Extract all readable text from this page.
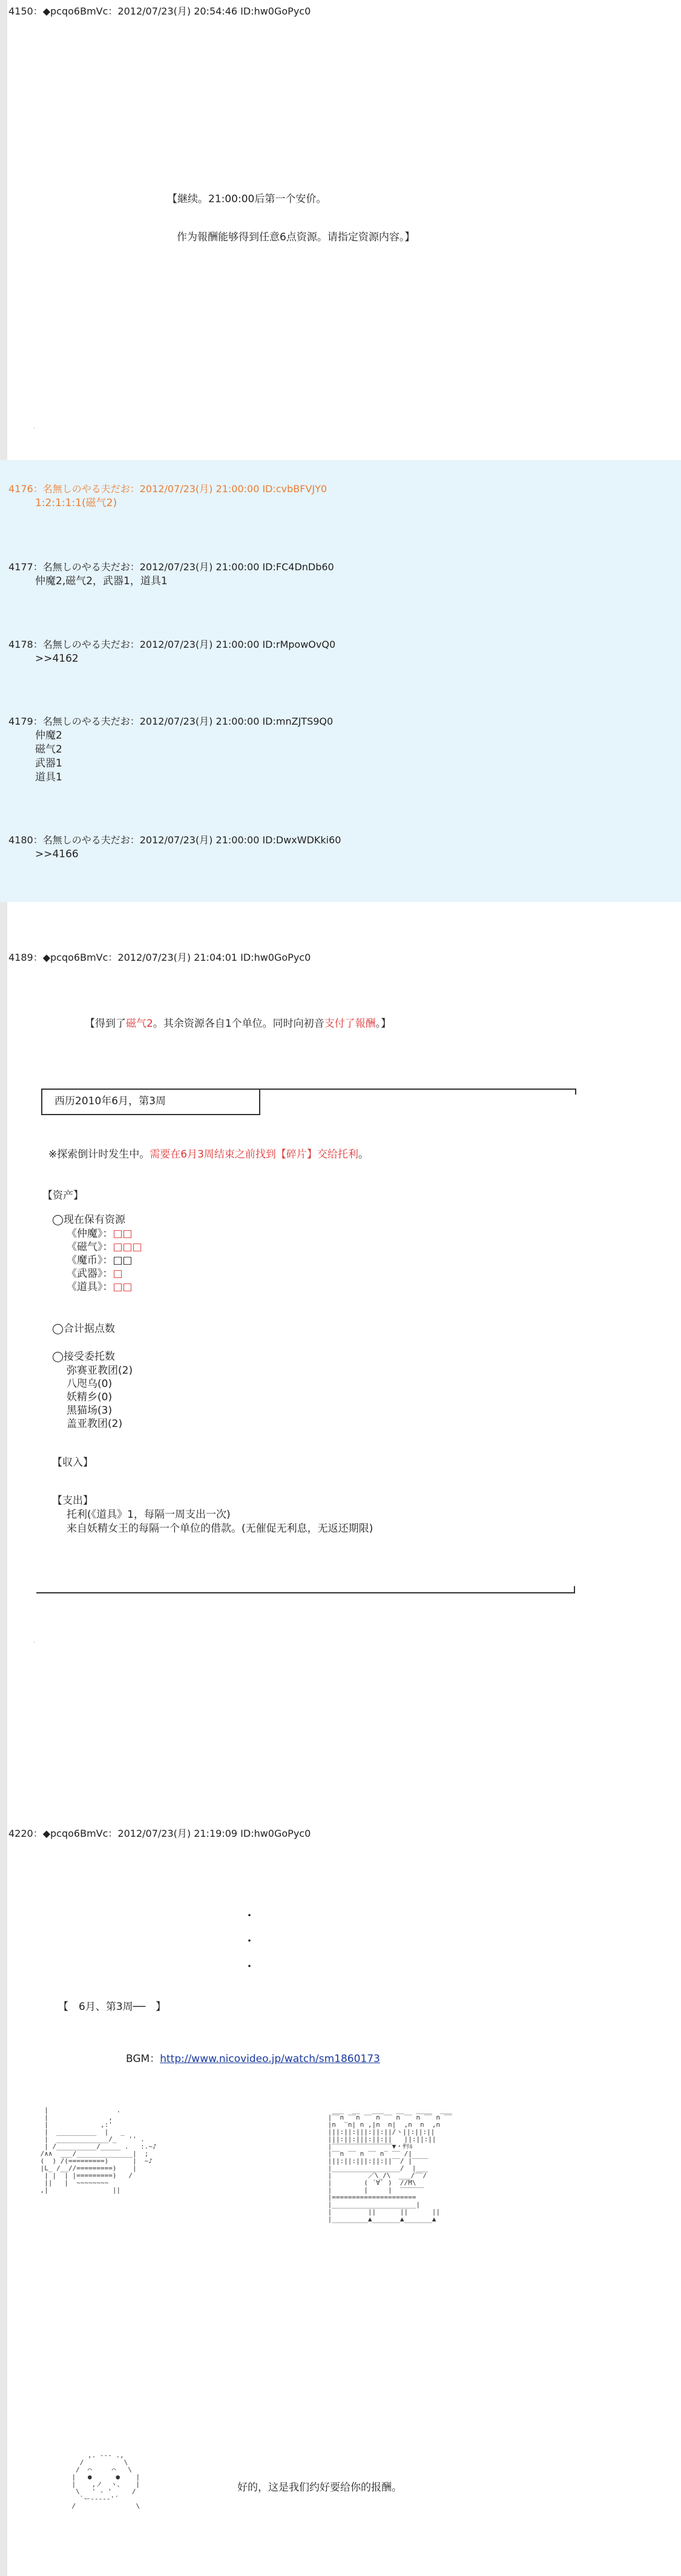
4150：◆pcqo6BmVc：2012/07/23(月) 20:54:46 ID:hw0GoPyc0
【継续。21:00:00后第一个安价。
作为報酬能够得到任意6点资源。请指定资源内容。】
.
4176：名無しのやる夫だお：2012/07/23(月) 21:00:00 ID:cvbBFVJY0
1:2:1:1:1(磁气2)
4177：名無しのやる夫だお：2012/07/23(月) 21:00:00 ID:FC4DnDb60
仲魔2,磁气2，武器1，道具1
4178：名無しのやる夫だお：2012/07/23(月) 21:00:00 ID:rMpowOvQ0
>>4162
4179：名無しのやる夫だお：2012/07/23(月) 21:00:00 ID:mnZJTS9Q0
仲魔2
磁气2
武器1
道具1
4180：名無しのやる夫だお：2012/07/23(月) 21:00:00 ID:DwxWDKki60
>>4166
4189：◆pcqo6BmVc：2012/07/23(月) 21:04:01 ID:hw0GoPyc0
【得到了磁气2。其余资源各自1个单位。同时向初音支付了報酬。】
西历2010年6月，第3周
※探索倒计时发生中。需要在6月3周结束之前找到【碎片】交给托利。
【资产】
◯现在保有资源
《仲魔》：□□
《磁气》：□□□
《魔币》：□□
《武器》：□
《道具》：□□
◯合计据点数
◯接受委托数
弥赛亚教团(2)
八咫乌(0)
妖精乡(0)
黑猫场(3)
盖亚教团(2)
【収入】
【支出】
托利(《道具》1，每隔一周支出一次)
来自妖精女王的每隔一个单位的借款。(无催促无利息，无返还期限)
.
4220：◆pcqo6BmVc：2012/07/23(月) 21:19:09 ID:hw0GoPyc0
・
・
・
【　6月、第3周──　】
BGM：http://www.nicovideo.jp/watch/sm1860173
|                 .
|               ,
|             ,:'
|  __________  |   _
|  _____________/_   '' .
| /__________/_____ .   :.~♪
/∧∧  ___/______________|  ;
(  ) /(=========)      |  ~♪
|L_ /__//=========)    |
| |  | |=========)   /
||   |  ~~~~~~~~
,|                ||

___  __   ___   __   ____  ___
|‾‾n ‾‾n ‾‾ n ‾‾ n ‾‾ n ‾‾ n ‾‾
|n  ‾n| n ,|n  n|  ,n  n  ,n
|||:||:|||:||:||/ヽ||:||:||
|||:||:|||:||:||   ||:||:||
|‾‾‾‾‾‾‾‾‾‾‾‾‾‾‾▼・ｻﾘﾙ
|‾‾n ‾‾ n ‾‾ n‾ ‾‾ /|
|||:||:|||:||:||‾‾/ |‾‾‾‾
|_________________/  |___
|         ／\_/\  ___/‾‾/
|        ( ´∀` )  //M\
|        |     |  ‾‾‾‾‾‾
|=====================
|_____________________|
|         ||      ||      ||
|_________▲_______▲_______▲

,. --- .,
/          \
/  ⌒     ⌒   \
|   ●      ●    |
|    ,ノ  ヽ、   |
\   ' ‐ '     /
`ー----‐'´
/               \

好的，这是我们约好要给你的报酬。
